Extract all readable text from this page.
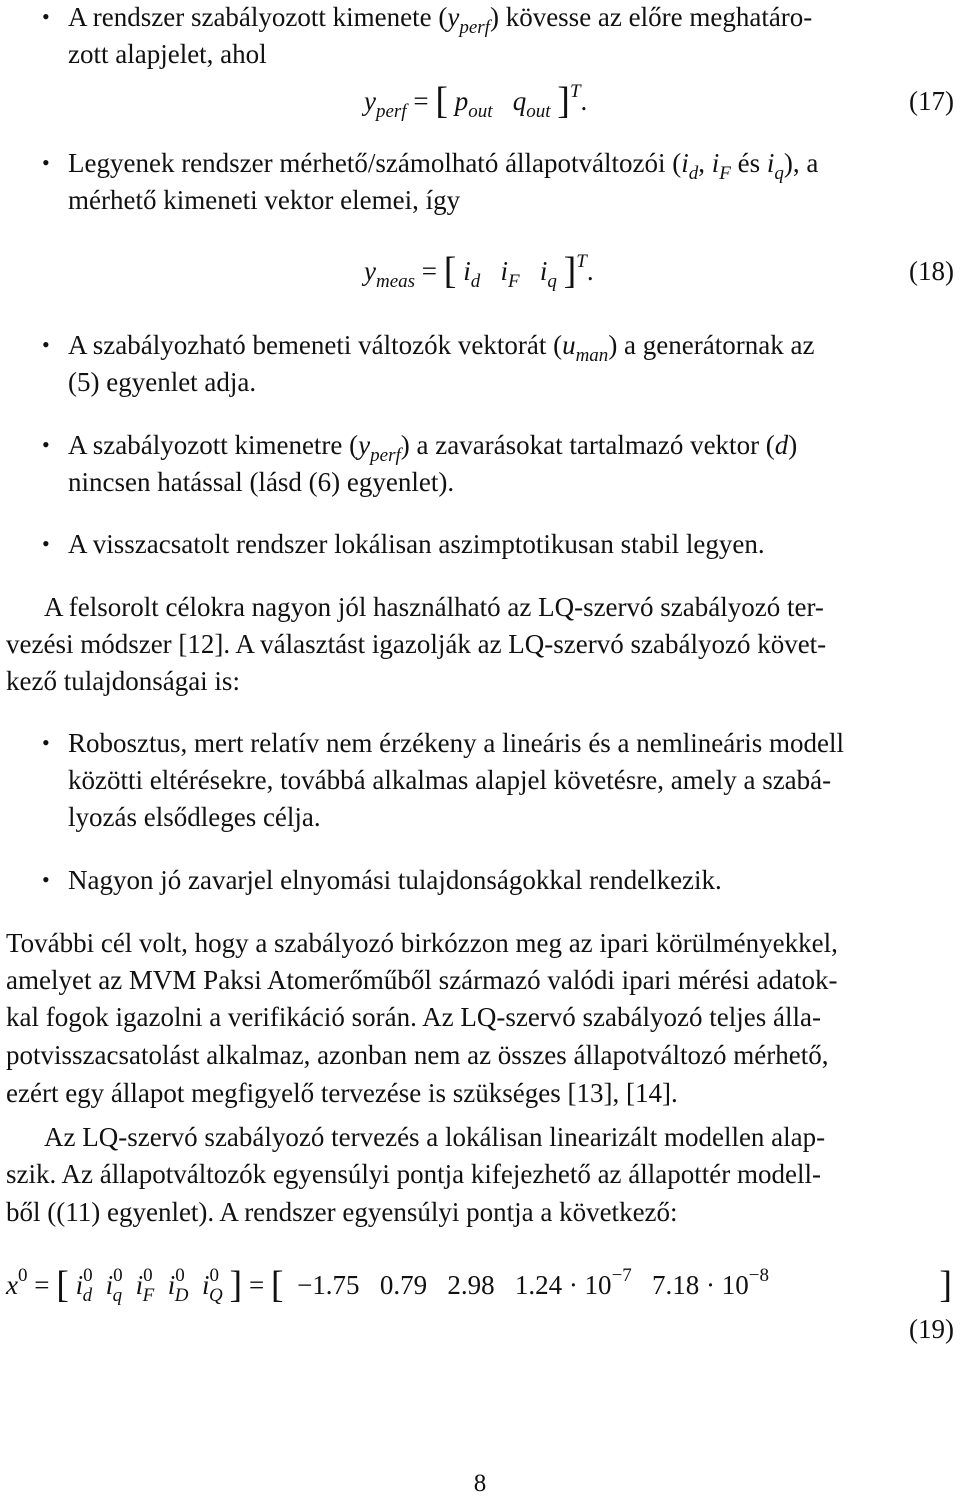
• A rendszer szabályozott kimenete $(y_{perf})$ kövesse az előre meghatáro-
zott alapjelet, ahol
$y_{perf}$ = [ $p_{out}$ $q_{out}$ ]$^T$.	(17)
• Legyenek rendszer mérhető/számolható állapotváltozói ($i_d$, $i_F$ és $i_q$), a
mérhető kimeneti vektor elemei, így
$y_{meas}$ = [ $i_d$ $i_F$ $i_q$ ]$^T$.	(18)
• A szabályozható bemeneti változók vektorát $(u_{man})$ a generátornak az
(5) egyenlet adja.
• A szabályozott kimenetre $(y_{perf})$ a zavarásokat tartalmazó vektor (d)
nincsen hatással (lásd (6) egyenlet).
• A visszacsatolt rendszer lokálisan aszimptotikusan stabil legyen.
A felsorolt célokra nagyon jól használható az LQ-szervó szabályozó ter-
vezési módszer [12]. A választást igazolják az LQ-szervó szabályozó követ-
kező tulajdonságai is:
• Robosztus, mert relatív nem érzékeny a lineáris és a nemlineáris modell
közötti eltérésekre, továbbá alkalmas alapjel követésre, amely a szabá-
lyozás elsődleges célja.
• Nagyon jó zavarjel elnyomási tulajdonságokkal rendelkezik.
További cél volt, hogy a szabályozó birkózzon meg az ipari körülményekkel,
amelyet az MVM Paksi Atomerőműből származó valódi ipari mérési adatok-
kal fogok igazolni a verifikáció során. Az LQ-szervó szabályozó teljes álla-
potvisszacsatolást alkalmaz, azonban nem az összes állapotváltozó mérhető,
ezért egy állapot megfigyelő tervezése is szükséges [13], [14].
Az LQ-szervó szabályozó tervezés a lokálisan linearizált modellen alap-
szik. Az állapotváltozók egyensúlyi pontja kifejezhető az állapottér modell-
ből ((11) egyenlet). A rendszer egyensúlyi pontja a következő:
$x^0$ = [ $i^0_d$ $i^0_q$ $i^0_F$ $i^0_D$ $i^0_Q$ ] = [ −1.75 0.79 2.98 $1.24 \cdot 10^{-7}$ $7.18 \cdot 10^{-8}$	]
(19)
8
